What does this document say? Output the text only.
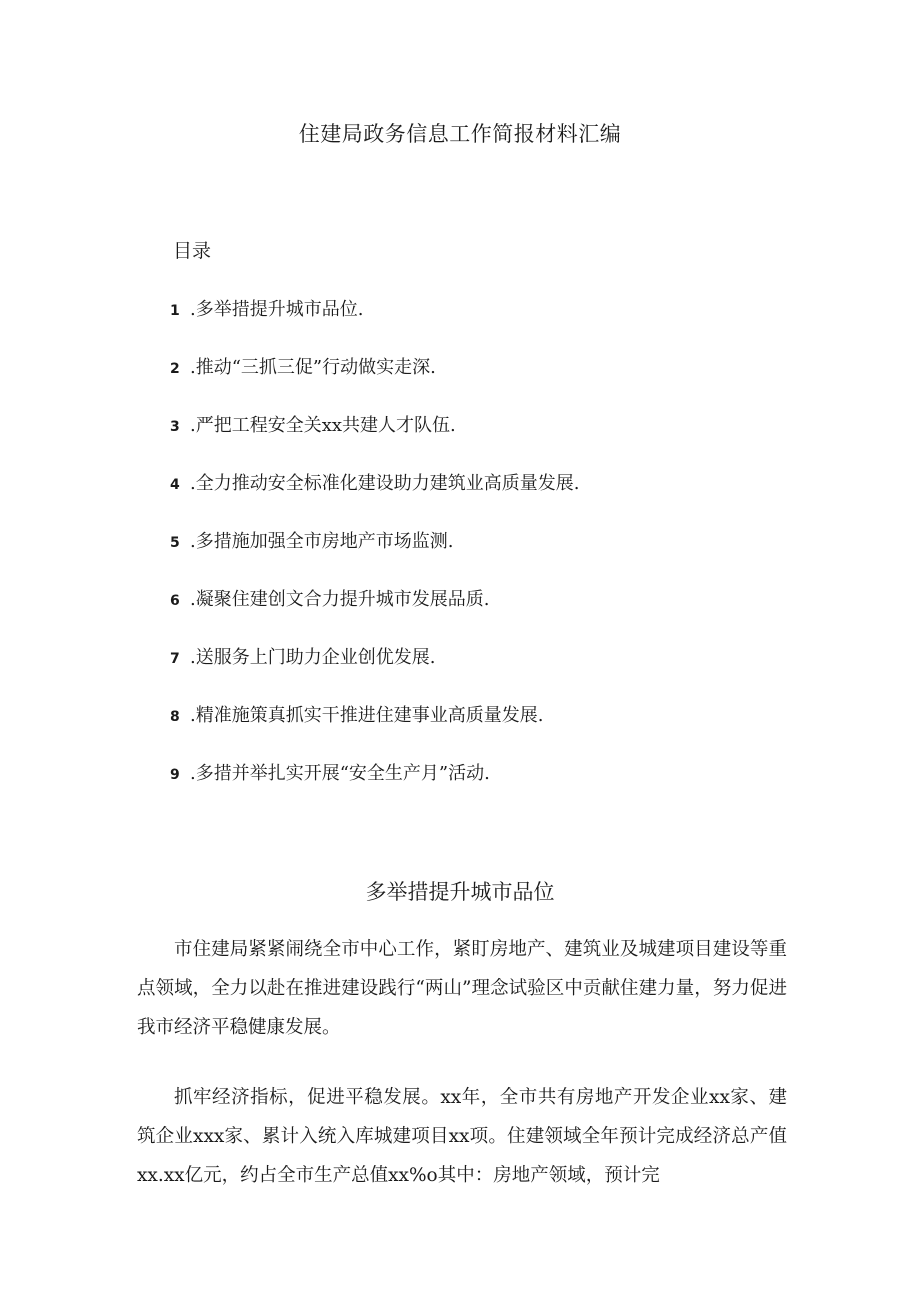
住建局政务信息工作简报材料汇编
目录
1 .多举措提升城市品位.
2 .推动“三抓三促”行动做实走深.
3 .严把工程安全关xx共建人才队伍.
4 .全力推动安全标准化建设助力建筑业高质量发展.
5 .多措施加强全市房地产市场监测.
6 .凝聚住建创文合力提升城市发展品质.
7 .送服务上门助力企业创优发展.
8 .精准施策真抓实干推进住建事业高质量发展.
9 .多措并举扎实开展“安全生产月”活动.
多举措提升城市品位

市住建局紧紧闹绕全市中心工作，紧盯房地产、建筑业及城建项目建设等重点领域，全力以赴在推进建设践行“两山”理念试验区中贡献住建力量，努力促进我市经济平稳健康发展。

抓牢经济指标，促进平稳发展。xx年，全市共有房地产开发企业xx家、建筑企业xxx家、累计入统入库城建项目xx项。住建领域全年预计完成经济总产值xx.xx亿元，约占全市生产总值xx%o其中：房地产领域，预计完
